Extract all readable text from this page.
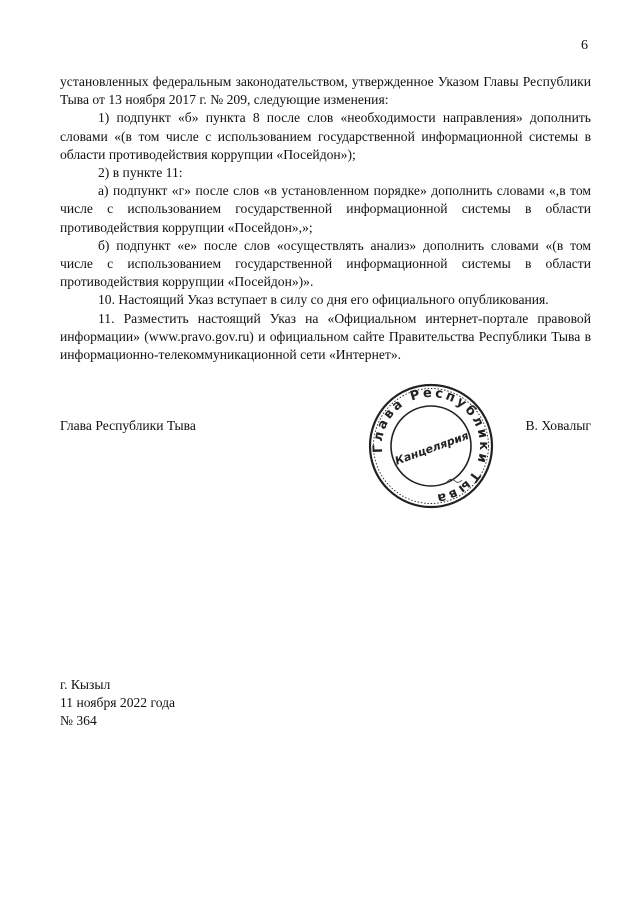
6

установленных федеральным законодательством, утвержденное Указом Главы Республики Тыва от 13 ноября 2017 г. № 209, следующие изменения:

1) подпункт «б» пункта 8 после слов «необходимости направления» дополнить словами «(в том числе с использованием государственной информационной системы в области противодействия коррупции «Посейдон»);

2) в пункте 11:

а) подпункт «г» после слов «в установленном порядке» дополнить словами «,в том числе с использованием государственной информационной системы в области противодействия коррупции «Посейдон»,»;

б) подпункт «е» после слов «осуществлять анализ» дополнить словами «(в том числе с использованием государственной информационной системы в области противодействия коррупции «Посейдон»)».

10. Настоящий Указ вступает в силу со дня его официального опубликования.

11. Разместить настоящий Указ на «Официальном интернет-портале правовой информации» (www.pravo.gov.ru) и официальном сайте Правительства Республики Тыва в информационно-телекоммуникационной сети «Интернет».

Глава Республики Тыва	В. Ховалыг
Глава Республики Тыва
Канцелярия
г. Кызыл
11 ноября 2022 года
№ 364
